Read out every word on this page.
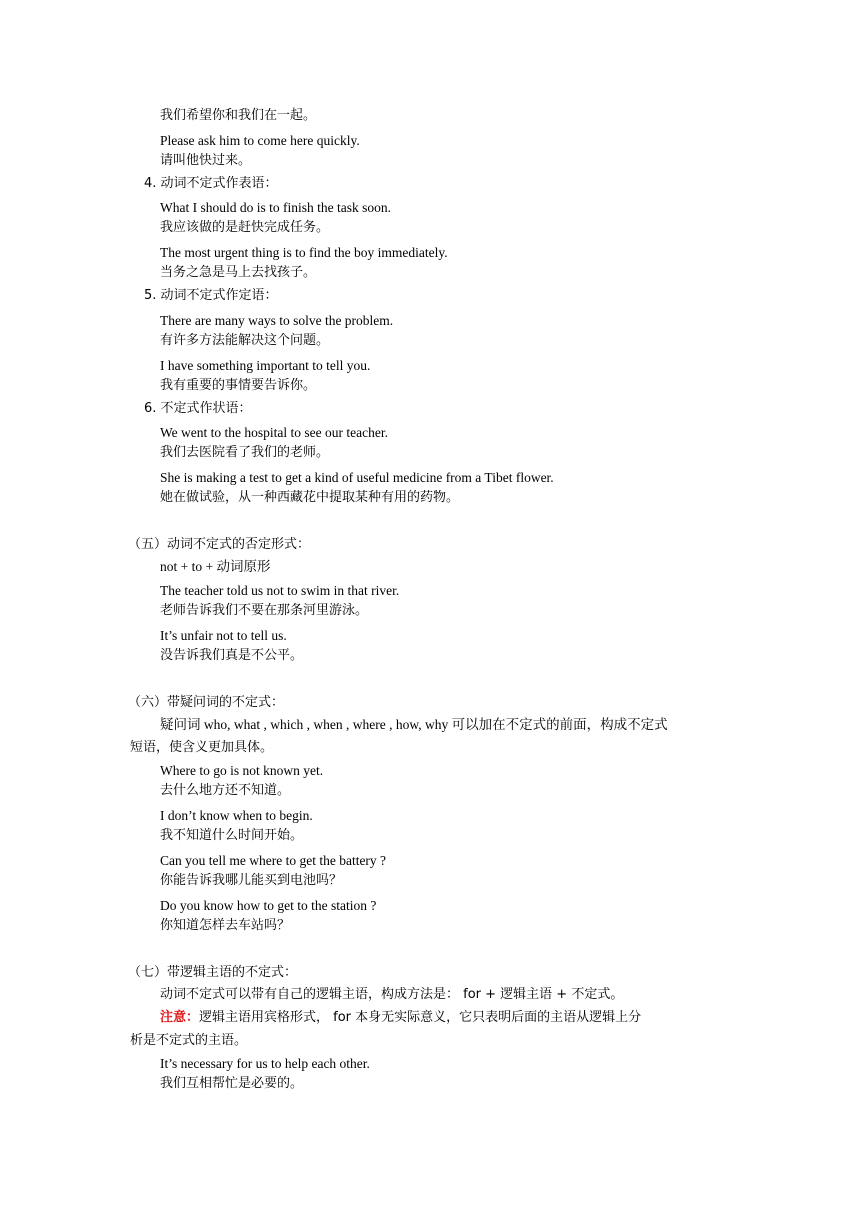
我们希望你和我们在一起。
Please ask him to come here quickly.
请叫他快过来。
4. 动词不定式作表语：
What I should do is to finish the task soon.
我应该做的是赶快完成任务。
The most urgent thing is to find the boy immediately.
当务之急是马上去找孩子。
5. 动词不定式作定语：
There are many ways to solve the problem.
有许多方法能解决这个问题。
I have something important to tell you.
我有重要的事情要告诉你。
6. 不定式作状语：
We went to the hospital to see our teacher.
我们去医院看了我们的老师。
She is making a test to get a kind of useful medicine from a Tibet flower.
她在做试验，从一种西藏花中提取某种有用的药物。
（五）动词不定式的否定形式：
not + to + 动词原形
The teacher told us not to swim in that river.
老师告诉我们不要在那条河里游泳。
It’s unfair not to tell us.
没告诉我们真是不公平。
（六）带疑问词的不定式：
疑问词 who, what , which , when , where , how, why 可以加在不定式的前面，构成不定式
短语，使含义更加具体。
Where to go is not known yet.
去什么地方还不知道。
I don’t know when to begin.
我不知道什么时间开始。
Can you tell me where to get the battery ?
你能告诉我哪儿能买到电池吗？
Do you know how to get to the station ?
你知道怎样去车站吗？
（七）带逻辑主语的不定式：
动词不定式可以带有自己的逻辑主语，构成方法是： for + 逻辑主语 + 不定式。
注意：逻辑主语用宾格形式， for 本身无实际意义，它只表明后面的主语从逻辑上分
析是不定式的主语。
It’s necessary for us to help each other.
我们互相帮忙是必要的。
